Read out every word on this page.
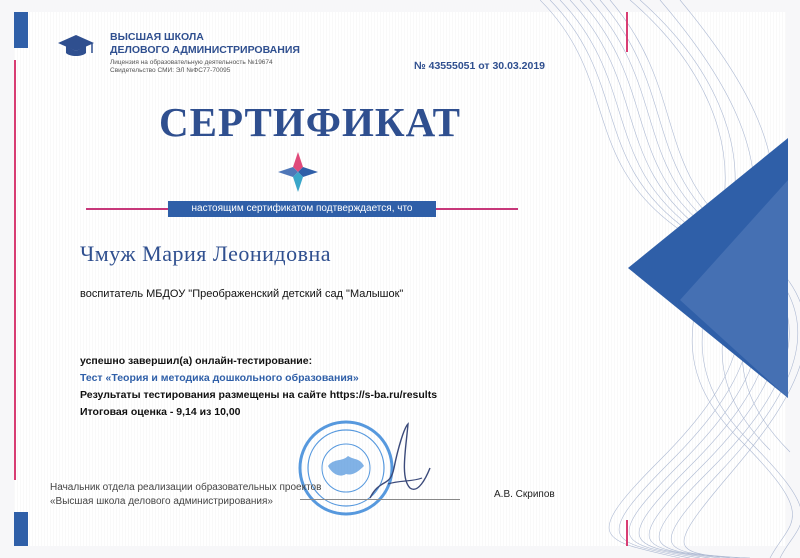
ВЫСШАЯ ШКОЛА
ДЕЛОВОГО АДМИНИСТРИРОВАНИЯ
Лицензия на образовательную деятельность №19674
Свидетельство СМИ: ЭЛ №ФС77-70095	№ 43555051 от 30.03.2019
СЕРТИФИКАТ
настоящим сертификатом подтверждается, что
Чмуж Мария Леонидовна
воспитатель МБДОУ "Преображенский детский сад "Малышок"
успешно завершил(а) онлайн-тестирование:
Тест «Теория и методика дошкольного образования»
Результаты тестирования размещены на сайте https://s-ba.ru/results
Итоговая оценка - 9,14 из 10,00
Начальник отдела реализации образовательных проектов
«Высшая школа делового администрирования»
А.В. Скрипов
